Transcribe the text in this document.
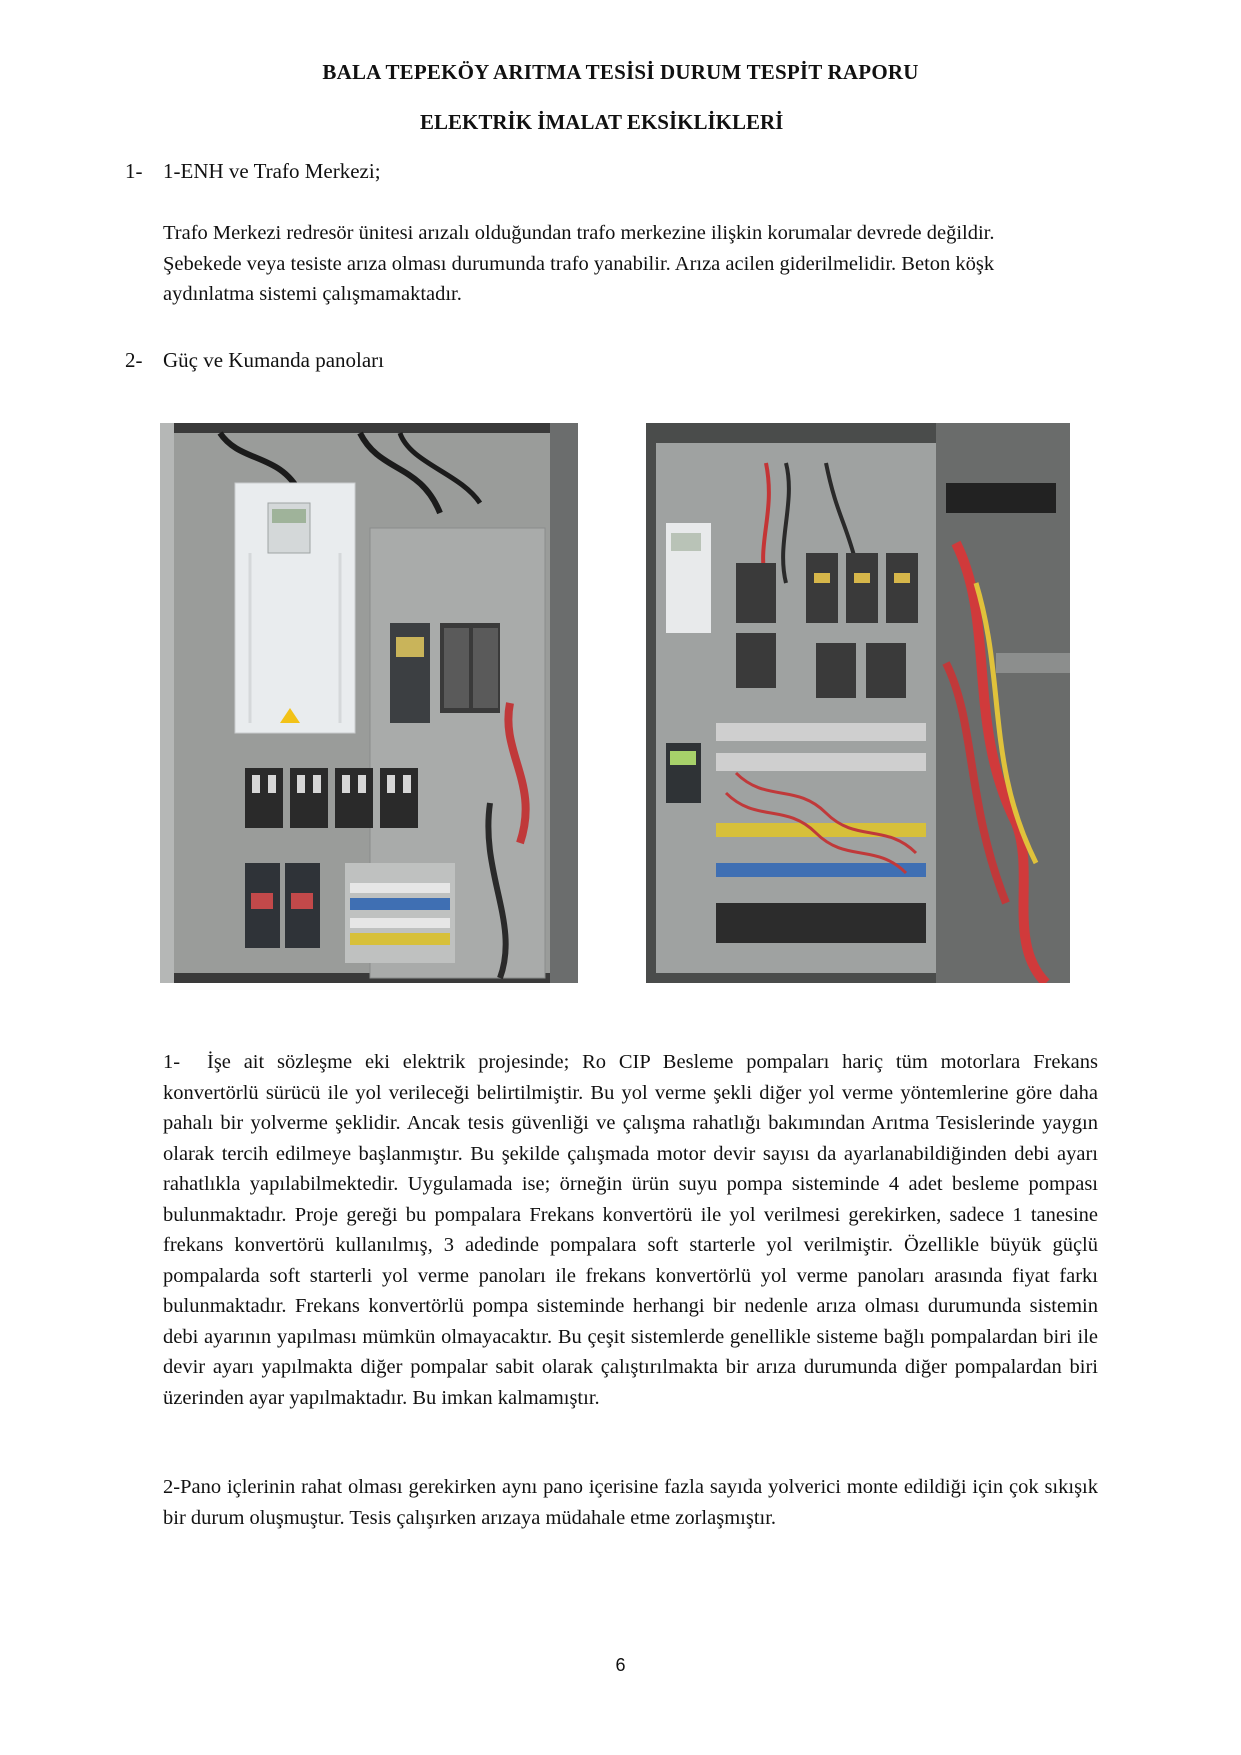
BALA TEPEKÖY ARITMA TESİSİ DURUM TESPİT RAPORU
ELEKTRİK İMALAT EKSİKLİKLERİ
1- 1-ENH ve Trafo Merkezi;
Trafo Merkezi redresör ünitesi arızalı olduğundan trafo merkezine ilişkin korumalar devrede değildir.
Şebekede veya tesiste arıza olması durumunda trafo yanabilir. Arıza acilen giderilmelidir. Beton köşk
aydınlatma sistemi çalışmamaktadır.
2- Güç ve Kumanda panoları
1- İşe ait sözleşme eki elektrik projesinde; Ro CIP Besleme pompaları hariç tüm motorlara Frekans konvertörlü sürücü ile yol verileceği belirtilmiştir. Bu yol verme şekli diğer yol verme yöntemlerine göre daha pahalı bir yolverme şeklidir. Ancak tesis güvenliği ve çalışma rahatlığı bakımından Arıtma Tesislerinde yaygın olarak tercih edilmeye başlanmıştır. Bu şekilde çalışmada motor devir sayısı da ayarlanabildiğinden debi ayarı rahatlıkla yapılabilmektedir. Uygulamada ise; örneğin ürün suyu pompa sisteminde 4 adet besleme pompası bulunmaktadır. Proje gereği bu pompalara Frekans konvertörü ile yol verilmesi gerekirken, sadece 1 tanesine frekans konvertörü kullanılmış, 3 adedinde pompalara soft starterle yol verilmiştir. Özellikle büyük güçlü pompalarda soft starterli yol verme panoları ile frekans konvertörlü yol verme panoları arasında fiyat farkı bulunmaktadır. Frekans konvertörlü pompa sisteminde herhangi bir nedenle arıza olması durumunda sistemin debi ayarının yapılması mümkün olmayacaktır. Bu çeşit sistemlerde genellikle sisteme bağlı pompalardan biri ile devir ayarı yapılmakta diğer pompalar sabit olarak çalıştırılmakta bir arıza durumunda diğer pompalardan biri üzerinden ayar yapılmaktadır. Bu imkan kalmamıştır.
2-Pano içlerinin rahat olması gerekirken aynı pano içerisine fazla sayıda yolverici monte edildiği için çok sıkışık bir durum oluşmuştur. Tesis çalışırken arızaya müdahale etme zorlaşmıştır.
6
